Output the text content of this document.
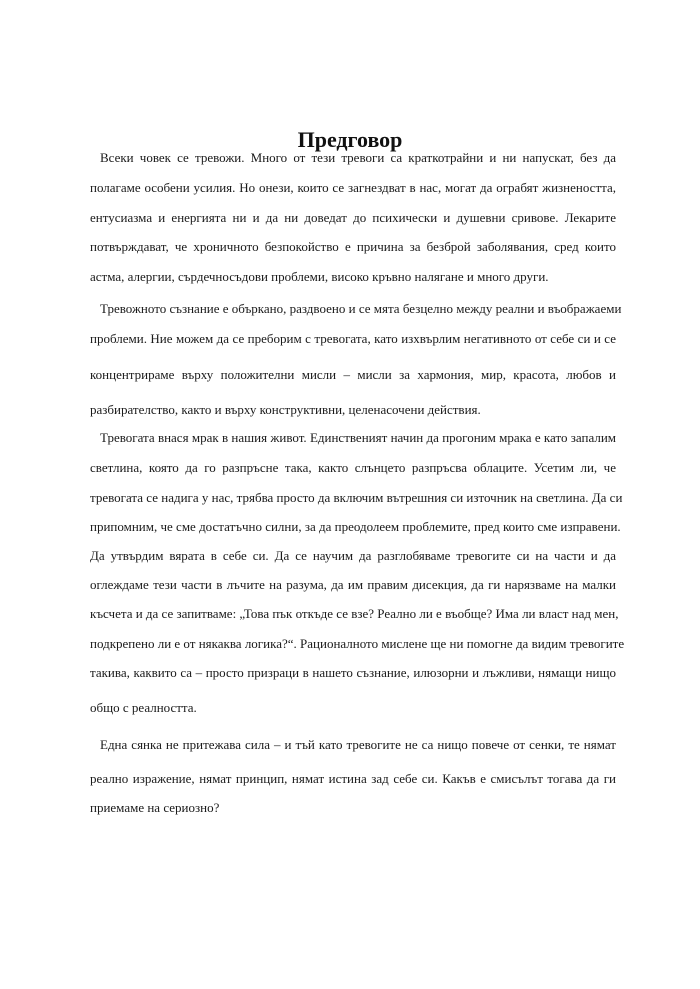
Предговор
Всеки човек се тревожи. Много от тези тревоги са краткотрайни и ни напускат, без да
полагаме особени усилия. Но онези, които се загнездват в нас, могат да ограбят жизнеността,
ентусиазма и енергията ни и да ни доведат до психически и душевни сривове. Лекарите
потвърждават, че хроничното безпокойство е причина за безброй заболявания, сред които
астма, алергии, сърдечносъдови проблеми, високо кръвно налягане и много други.
Тревожното съзнание е объркано, раздвоено и се мята безцелно между реални и въображаеми
проблеми. Ние можем да се преборим с тревогата, като изхвърлим негативното от себе си и се
концентрираме върху положителни мисли – мисли за хармония, мир, красота, любов и
разбирателство, както и върху конструктивни, целенасочени действия.
Тревогата внася мрак в нашия живот. Единственият начин да прогоним мрака е като запалим
светлина, която да го разпръсне така, както слънцето разпръсва облаците. Усетим ли, че
тревогата се надига у нас, трябва просто да включим вътрешния си източник на светлина. Да си
припомним, че сме достатъчно силни, за да преодолеем проблемите, пред които сме изправени.
Да утвърдим вярата в себе си. Да се научим да разглобяваме тревогите си на части и да
оглеждаме тези части в лъчите на разума, да им правим дисекция, да ги нарязваме на малки
късчета и да се запитваме: „Това пък откъде се взе? Реално ли е въобще? Има ли власт над мен,
подкрепено ли е от някаква логика?“. Рационалното мислене ще ни помогне да видим тревогите
такива, каквито са – просто призраци в нашето съзнание, илюзорни и лъжливи, нямащи нищо
общо с реалността.
Една сянка не притежава сила – и тъй като тревогите не са нищо повече от сенки, те нямат
реално изражение, нямат принцип, нямат истина зад себе си. Какъв е смисълът тогава да ги
приемаме на сериозно?
